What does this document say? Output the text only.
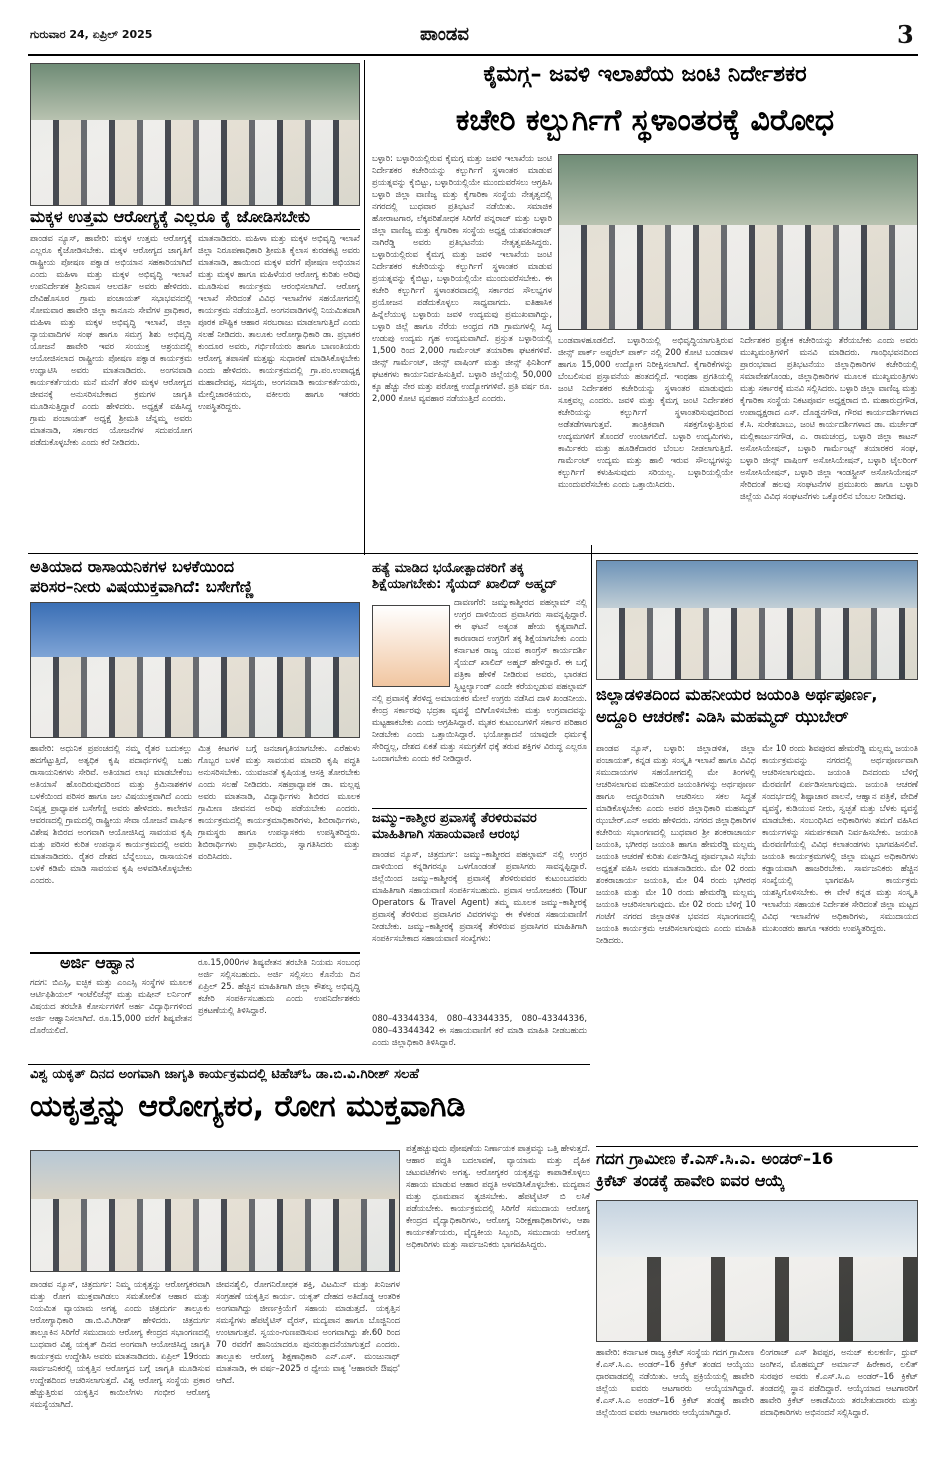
ಗುರುವಾರ 24, ಏಪ್ರಿಲ್ 2025	ಪಾಂಡವ	3
ಮಕ್ಕಳ ಉತ್ತಮ ಆರೋಗ್ಯಕ್ಕೆ ಎಲ್ಲರೂ ಕೈ ಜೋಡಿಸಬೇಕು
ಪಾಂಡವ ನ್ಯೂಸ್, ಹಾವೇರಿ: ಮಕ್ಕಳ ಉತ್ತಮ ಆರೋಗ್ಯಕ್ಕೆ ಎಲ್ಲರೂ ಕೈಜೋಡಿಸಬೇಕು. ಮಕ್ಕಳ ಆರೋಗ್ಯದ ಜಾಗೃತಿಗೆ ರಾಷ್ಟ್ರೀಯ ಪೋಷಣ ಪಕ್ವಾಡ ಅಭಿಯಾನ ಸಹಕಾರಿಯಾಗಿದೆ ಎಂದು ಮಹಿಳಾ ಮತ್ತು ಮಕ್ಕಳ ಅಭಿವೃದ್ಧಿ ಇಲಾಖೆ ಉಪನಿರ್ದೇಶಕ ಶ್ರೀನಿವಾಸ ಆಲದರ್ತಿ ಅವರು ಹೇಳಿದರು. ದೇವಿಹೊಸೂರ ಗ್ರಾಮ ಪಂಚಾಯತ್ ಸಭಾಭವನದಲ್ಲಿ ಸೋಮವಾರ ಹಾವೇರಿ ಜಿಲ್ಲಾ ಕಾನೂನು ಸೇವೆಗಳ ಪ್ರಾಧಿಕಾರ, ಮಹಿಳಾ ಮತ್ತು ಮಕ್ಕಳ ಅಭಿವೃದ್ಧಿ ಇಲಾಖೆ, ಜಿಲ್ಲಾ ನ್ಯಾಯವಾದಿಗಳ ಸಂಘ ಹಾಗೂ ಸಮಗ್ರ ಶಿಶು ಅಭಿವೃದ್ಧಿ ಯೋಜನೆ ಹಾವೇರಿ ಇವರ ಸಂಯುಕ್ತ ಆಶ್ರಯದಲ್ಲಿ ಆಯೋಜಿಸಲಾದ ರಾಷ್ಟ್ರೀಯ ಪೋಷಣ ಪಕ್ವಾಡ ಕಾರ್ಯಕ್ರಮ ಉದ್ಘಾಟಿಸಿ ಅವರು ಮಾತನಾಡಿದರು. ಅಂಗನವಾಡಿ ಕಾರ್ಯಕರ್ತೆಯರು ಮನೆ ಮನೆಗೆ ತೆರಳಿ ಮಕ್ಕಳ ಆರೋಗ್ಯದ ಜೀವನಕ್ಕೆ ಅನುಸರಿಸಬೇಕಾದ ಕ್ರಮಗಳ ಜಾಗೃತಿ ಮೂಡಿಸುತ್ತಿದ್ದಾರೆ ಎಂದು ಹೇಳಿದರು. ಅಧ್ಯಕ್ಷತೆ ವಹಿಸಿದ್ದ ಗ್ರಾಮ ಪಂಚಾಯತ್ ಅಧ್ಯಕ್ಷೆ ಶ್ರೀಮತಿ ಚೆನ್ನಮ್ಮ ಅವರು ಮಾತನಾಡಿ, ಸರ್ಕಾರದ ಯೋಜನೆಗಳ ಸದುಪಯೋಗ ಪಡೆದುಕೊಳ್ಳಬೇಕು ಎಂದು ಕರೆ ನೀಡಿದರು.
ಮಾತನಾಡಿದರು. ಮಹಿಳಾ ಮತ್ತು ಮಕ್ಕಳ ಅಭಿವೃದ್ಧಿ ಇಲಾಖೆ ಜಿಲ್ಲಾ ನಿರೂಪಣಾಧಿಕಾರಿ ಶ್ರೀಮತಿ ಕೈಲಾಸ ಕುರಡಕಟ್ಟಿ ಅವರು ಮಾತನಾಡಿ, ಹಾಯಿಂದ ಮಕ್ಕಳ ವರೆಗೆ ಪೋಷಣ ಅಭಿಯಾನ ಮತ್ತು ಮಕ್ಕಳ ಹಾಗೂ ಮಹಿಳೆಯರ ಆರೋಗ್ಯ ಕುರಿತು ಅರಿವು ಮೂಡಿಸುವ ಕಾರ್ಯಕ್ರಮ ಆರಂಭಿಸಲಾಗಿದೆ. ಆರೋಗ್ಯ ಇಲಾಖೆ ಸೇರಿದಂತೆ ವಿವಿಧ ಇಲಾಖೆಗಳ ಸಹಯೋಗದಲ್ಲಿ ಕಾರ್ಯಕ್ರಮ ನಡೆಯುತ್ತಿದೆ. ಅಂಗನವಾಡಿಗಳಲ್ಲಿ ನಿಯಮಿತವಾಗಿ ಪೂರಕ ಪೌಷ್ಟಿಕ ಆಹಾರ ಸರಬರಾಜು ಮಾಡಲಾಗುತ್ತಿದೆ ಎಂದು ಸಲಹೆ ನೀಡಿದರು. ತಾಲೂಕು ಆರೋಗ್ಯಾಧಿಕಾರಿ ಡಾ. ಪ್ರಭಾಕರ ಕುಂದೂರ ಅವರು, ಗರ್ಭಿಣಿಯರು ಹಾಗೂ ಬಾಣಂತಿಯರು ಆರೋಗ್ಯ ತಪಾಸಣೆ ಮತ್ತಷ್ಟು ಸುಧಾರಣೆ ಮಾಡಿಸಿಕೊಳ್ಳಬೇಕು ಎಂದು ಹೇಳಿದರು. ಕಾರ್ಯಕ್ರಮದಲ್ಲಿ ಗ್ರಾ.ಪಂ.ಉಪಾಧ್ಯಕ್ಷ ಮಹಾದೇವಪ್ಪ, ಸದಸ್ಯರು, ಅಂಗನವಾಡಿ ಕಾರ್ಯಕರ್ತೆಯರು, ಮೇಲ್ವಿಚಾರಕಿಯರು, ವಕೀಲರು ಹಾಗೂ ಇತರರು ಉಪಸ್ಥಿತರಿದ್ದರು.
ಕೈಮಗ್ಗ– ಜವಳಿ ಇಲಾಖೆಯ ಜಂಟಿ ನಿರ್ದೇಶಕರ
ಕಚೇರಿ ಕಲ್ಬುರ್ಗಿಗೆ ಸ್ಥಳಾಂತರಕ್ಕೆ ವಿರೋಧ
ಬಳ್ಳಾರಿ: ಬಳ್ಳಾರಿಯಲ್ಲಿರುವ ಕೈಮಗ್ಗ ಮತ್ತು ಜವಳಿ ಇಲಾಖೆಯ ಜಂಟಿ ನಿರ್ದೇಶಕರ ಕಚೇರಿಯನ್ನು ಕಲ್ಬುರ್ಗಿಗೆ ಸ್ಥಳಾಂತರ ಮಾಡುವ ಪ್ರಯತ್ನವನ್ನು ಕೈಬಿಟ್ಟು, ಬಳ್ಳಾರಿಯಲ್ಲಿಯೇ ಮುಂದುವರೆಸಲು ಆಗ್ರಹಿಸಿ ಬಳ್ಳಾರಿ ಜಿಲ್ಲಾ ವಾಣಿಜ್ಯ ಮತ್ತು ಕೈಗಾರಿಕಾ ಸಂಸ್ಥೆಯ ನೇತೃತ್ವದಲ್ಲಿ ನಗರದಲ್ಲಿ ಬುಧವಾರ ಪ್ರತಿಭಟನೆ ನಡೆಯಿತು. ಸಮಾಜಿಕ ಹೋರಾಟಗಾರ, ಲೆಕ್ಕಪರಿಶೋಧಕ ಸಿರಿಗೆರೆ ಪನ್ನರಾಜ್ ಮತ್ತು ಬಳ್ಳಾರಿ ಜಿಲ್ಲಾ ವಾಣಿಜ್ಯ ಮತ್ತು ಕೈಗಾರಿಕಾ ಸಂಸ್ಥೆಯ ಅಧ್ಯಕ್ಷ ಯಶವಂತರಾಜ್ ನಾಗಿರೆಡ್ಡಿ ಅವರು ಪ್ರತಿಭಟನೆಯ ನೇತೃತ್ವವಹಿಸಿದ್ದರು. ಬಳ್ಳಾರಿಯಲ್ಲಿರುವ ಕೈಮಗ್ಗ ಮತ್ತು ಜವಳಿ ಇಲಾಖೆಯ ಜಂಟಿ ನಿರ್ದೇಶಕರ ಕಚೇರಿಯನ್ನು ಕಲ್ಬುರ್ಗಿಗೆ ಸ್ಥಳಾಂತರ ಮಾಡುವ ಪ್ರಯತ್ನವನ್ನು ಕೈಬಿಟ್ಟು, ಬಳ್ಳಾರಿಯಲ್ಲಿಯೇ ಮುಂದುವರೆಸಬೇಕು. ಈ ಕಚೇರಿ ಕಲ್ಬುರ್ಗಿಗೆ ಸ್ಥಳಾಂತರವಾದಲ್ಲಿ ಸರ್ಕಾರದ ಸೌಲಭ್ಯಗಳ ಪ್ರಯೋಜನ ಪಡೆದುಕೊಳ್ಳಲು ಸಾಧ್ಯವಾಗದು. ಐತಿಹಾಸಿಕ ಹಿನ್ನೆಲೆಯುಳ್ಳ ಬಳ್ಳಾರಿಯ ಜವಳಿ ಉದ್ಯಮವು ಪ್ರಮುಖವಾಗಿದ್ದು, ಬಳ್ಳಾರಿ ಜಿಲ್ಲೆ ಹಾಗೂ ನೆರೆಯ ಅಂಧ್ರದ ಗಡಿ ಗ್ರಾಮಗಳಲ್ಲಿ ಸಿದ್ಧ ಉಡುಪು ಉದ್ಯಮ ಗೃಹ ಉದ್ಯಮವಾಗಿದೆ. ಪ್ರಸ್ತುತ ಬಳ್ಳಾರಿಯಲ್ಲಿ 1,500 ರಿಂದ 2,000 ಗಾರ್ಮೆಂಟ್ ತಯಾರಿಕಾ ಘಟಕಗಳಿವೆ. ಜೀನ್ಸ್ ಗಾರ್ಮೆಂಟ್, ಜೀನ್ಸ್ ವಾಷಿಂಗ್ ಮತ್ತು ಜೀನ್ಸ್ ಫಿನಿಶಿಂಗ್ ಘಟಕಗಳು ಕಾರ್ಯನಿರ್ವಹಿಸುತ್ತಿವೆ. ಬಳ್ಳಾರಿ ಜಿಲ್ಲೆಯಲ್ಲಿ 50,000 ಕ್ಕೂ ಹೆಚ್ಚು ನೇರ ಮತ್ತು ಪರೋಕ್ಷ ಉದ್ಯೋಗಗಳಿವೆ. ಪ್ರತಿ ವರ್ಷ ರೂ. 2,000 ಕೋಟಿ ವ್ಯವಹಾರ ನಡೆಯುತ್ತಿದೆ ಎಂದರು.
ಬಂಡವಾಳಹೂಡಲಿದೆ. ಬಳ್ಳಾರಿಯಲ್ಲಿ ಅಭಿವೃದ್ಧಿಯಾಗುತ್ತಿರುವ ಜೀನ್ಸ್ ಪಾರ್ಕ್ ಅಪ್ಪರೆಲ್ ಪಾರ್ಕ್ ನಲ್ಲಿ 200 ಕೋಟಿ ಬಂಡವಾಳ ಹಾಗೂ 15,000 ಉದ್ಯೋಗ ನಿರೀಕ್ಷಿಸಲಾಗಿದೆ. ಕೈಗಾರಿಕೆಗಳನ್ನು ಬೆಂಬಲಿಸುವ ಪ್ರಸ್ತಾವನೆಯ ಹಂತದಲ್ಲಿದೆ. ಇಂಥಹಾ ಪ್ರಗತಿಯಲ್ಲಿ ಜಂಟಿ ನಿರ್ದೇಶಕರ ಕಚೇರಿಯನ್ನು ಸ್ಥಳಾಂತರ ಮಾಡುವುದು ಸೂಕ್ತವಲ್ಲ ಎಂದರು. ಜವಳಿ ಮತ್ತು ಕೈಮಗ್ಗ ಜಂಟಿ ನಿರ್ದೇಶಕರ ಕಚೇರಿಯನ್ನು ಕಲ್ಬುರ್ಗಿಗೆ ಸ್ಥಳಾಂತರಿಸುವುದರಿಂದ ಅಡೆತಡೆಗಳಾಗುತ್ತವೆ. ತಾಂತ್ರಿಕವಾಗಿ ಸಶಕ್ತಗೊಳ್ಳುತ್ತಿರುವ ಉದ್ಯಮಗಳಿಗೆ ತೊಂದರೆ ಉಂಟಾಗಲಿದೆ. ಬಳ್ಳಾರಿ ಉದ್ಯಮಿಗಳು, ಕಾರ್ಮಿಕರು ಮತ್ತು ಹೂಡಿಕೆದಾರರ ಬೆಂಬಲ ನೀಡಲಾಗುತ್ತಿದೆ. ಗಾರ್ಮೆಂಟ್ ಉದ್ಯಮ ಮತ್ತು ಹಾಲಿ ಇರುವ ಸೌಲಭ್ಯಗಳನ್ನು ಕಲ್ಬುರ್ಗಿಗೆ ಕಳುಹಿಸುವುದು ಸರಿಯಲ್ಲ. ಬಳ್ಳಾರಿಯಲ್ಲಿಯೇ ಮುಂದುವರೆಸಬೇಕು ಎಂದು ಒತ್ತಾಯಿಸಿದರು.
ನಿರ್ದೇಶಕರ ಪ್ರತ್ಯೇಕ ಕಚೇರಿಯನ್ನು ತೆರೆಯಬೇಕು ಎಂದು ಅವರು ಮುಖ್ಯಮಂತ್ರಿಗಳಿಗೆ ಮನವಿ ಮಾಡಿದರು. ಗಾಂಧಿಭವನದಿಂದ ಪ್ರಾರಂಭವಾದ ಪ್ರತಿಭಟನೆಯು ಜಿಲ್ಲಾಧಿಕಾರಿಗಳ ಕಚೇರಿಯಲ್ಲಿ ಸಮಾವೇಶಗೊಂಡು, ಜಿಲ್ಲಾಧಿಕಾರಿಗಳ ಮೂಲಕ ಮುಖ್ಯಮಂತ್ರಿಗಳು ಮತ್ತು ಸರ್ಕಾರಕ್ಕೆ ಮನವಿ ಸಲ್ಲಿಸಿದರು. ಬಳ್ಳಾರಿ ಜಿಲ್ಲಾ ವಾಣಿಜ್ಯ ಮತ್ತು ಕೈಗಾರಿಕಾ ಸಂಸ್ಥೆಯ ನಿಕಟಪೂರ್ವ ಅಧ್ಯಕ್ಷರಾದ ಬಿ. ಮಹಾರುದ್ರಗೌಡ, ಉಪಾಧ್ಯಕ್ಷರಾದ ಎಸ್. ದೊಡ್ಡನಗೌಡ, ಗೌರವ ಕಾರ್ಯದರ್ಶಿಗಳಾದ ಕೆ.ಸಿ. ಸುರೇಶಬಾಬು, ಜಂಟಿ ಕಾರ್ಯದರ್ಶಿಗಳಾದ ಡಾ. ಮರ್ಚೇಡ್ ಮಲ್ಲಿಕಾರ್ಜುನಗೌಡ, ಎ. ರಾಮಚಂದ್ರ, ಬಳ್ಳಾರಿ ಜಿಲ್ಲಾ ಕಾಟನ್ ಅಸೋಸಿಯೇಷನ್, ಬಳ್ಳಾರಿ ಗಾರ್ಮೆಂಟ್ಸ್ ತಯಾರಕರ ಸಂಘ, ಬಳ್ಳಾರಿ ಜೀನ್ಸ್ ವಾಷಿಂಗ್ ಅಸೋಸಿಯೇಷನ್, ಬಳ್ಳಾರಿ ಟೈಲರಿಂಗ್ ಅಸೋಸಿಯೇಷನ್, ಬಳ್ಳಾರಿ ಜಿಲ್ಲಾ ಇಂಡಸ್ಟ್ರೀಸ್ ಅಸೋಸಿಯೇಷನ್ ಸೇರಿದಂತೆ ಹಲವು ಸಂಘಟನೆಗಳ ಪ್ರಮುಖರು ಹಾಗೂ ಬಳ್ಳಾರಿ ಜಿಲ್ಲೆಯ ವಿವಿಧ ಸಂಘಟನೆಗಳು ಒಕ್ಕೊರಲಿನ ಬೆಂಬಲ ನೀಡಿದವು.
ಅತಿಯಾದ ರಾಸಾಯನಿಕಗಳ ಬಳಕೆಯಿಂದ
ಪರಿಸರ–ನೀರು ವಿಷಯುಕ್ತವಾಗಿದೆ: ಬಸೇಗೆಣ್ಣಿ
ಹಾವೇರಿ: ಅಧುನಿಕ ಪ್ರಪಂಚದಲ್ಲಿ ನಮ್ಮ ರೈತರ ಬದುಕಲ್ಲು ಹದಗೆಟ್ಟುತ್ತಿದೆ, ಅತ್ಯಧಿಕ ಕೃಷಿ ಪದಾರ್ಥಗಳಲ್ಲಿ ಬಹು ರಾಸಾಯನಿಕಗಳು ಸೇರಿವೆ. ಅತಿಯಾದ ಲಾಭ ಮಾಡಬೇಕೆಂಬ ಅತಿಯಾಸೆ ಹೊಂದಿರುವುದರಿಂದ ಮತ್ತು ಕ್ರಿಮಿನಾಶಕಗಳ ಬಳಕೆಯಿಂದ ಪರಿಸರ ಹಾಗೂ ಜಲ ವಿಷಯುಕ್ತವಾಗಿದೆ ಎಂದು ನಿವೃತ್ತ ಪ್ರಾಧ್ಯಾಪಕ ಬಸೇಗೆಣ್ಣಿ ಅವರು ಹೇಳಿದರು. ಕಾಲೇಜಿನ ಆವರಣದಲ್ಲಿ ಗ್ರಾಮದಲ್ಲಿ ರಾಷ್ಟ್ರೀಯ ಸೇವಾ ಯೋಜನೆ ವಾರ್ಷಿಕ ವಿಶೇಷ ಶಿಬಿರದ ಅಂಗವಾಗಿ ಆಯೋಜಿಸಿದ್ದ ಸಾವಯವ ಕೃಷಿ ಮತ್ತು ಪರಿಸರ ಕುರಿತ ಉಪನ್ಯಾಸ ಕಾರ್ಯಕ್ರಮದಲ್ಲಿ ಅವರು ಮಾತನಾಡಿದರು. ರೈತರ ದೇಶದ ಬೆನ್ನೆಲುಬು, ರಾಸಾಯನಿಕ ಬಳಕೆ ಕಡಿಮೆ ಮಾಡಿ ಸಾವಯವ ಕೃಷಿ ಅಳವಡಿಸಿಕೊಳ್ಳಬೇಕು ಎಂದರು.
ಮಿತ್ರ ಕೀಟಗಳ ಬಗ್ಗೆ ಜನಜಾಗೃತಿಯಾಗಬೇಕು. ಎರೆಹುಳು ಗೊಬ್ಬರ ಬಳಕೆ ಮತ್ತು ಸಾವಯವ ಮಾದರಿ ಕೃಷಿ ಪದ್ಧತಿ ಅನುಸರಿಸಬೇಕು. ಯುವಜನತೆ ಕೃಷಿಯತ್ತ ಆಸಕ್ತಿ ತೋರಬೇಕು ಎಂದು ಸಲಹೆ ನೀಡಿದರು. ಸಹಪ್ರಾಧ್ಯಾಪಕ ಡಾ. ಮಲ್ಲಪ್ಪ ಅವರು ಮಾತನಾಡಿ, ವಿದ್ಯಾರ್ಥಿಗಳು ಶಿಬಿರದ ಮೂಲಕ ಗ್ರಾಮೀಣ ಜೀವನದ ಅರಿವು ಪಡೆಯಬೇಕು ಎಂದರು. ಕಾರ್ಯಕ್ರಮದಲ್ಲಿ ಕಾರ್ಯಕ್ರಮಾಧಿಕಾರಿಗಳು, ಶಿಬಿರಾರ್ಥಿಗಳು, ಗ್ರಾಮಸ್ಥರು ಹಾಗೂ ಉಪನ್ಯಾಸಕರು ಉಪಸ್ಥಿತರಿದ್ದರು. ಶಿಬಿರಾರ್ಥಿಗಳು ಪ್ರಾರ್ಥಿಸಿದರು, ಸ್ವಾಗತಿಸಿದರು ಮತ್ತು ವಂದಿಸಿದರು.
ಅರ್ಜಿ ಆಹ್ವಾನ
ಗದಗ: ಬಿಎಸ್ಸಿ, ಐಚ್ಛಿಕ ಮತ್ತು ಎಂಎಸ್ಸಿ ಸಂಸ್ಥೆಗಳ ಮೂಲಕ ಆರ್ಟಿಫಿಶಿಯಲ್ ಇಂಟೆಲಿಜೆನ್ಸ್ ಮತ್ತು ಮಷೀನ್ ಲರ್ನಿಂಗ್ ವಿಷಯದ ತರಬೇತಿ ಕೋರ್ಸುಗಳಿಗೆ ಅರ್ಹ ವಿದ್ಯಾರ್ಥಿಗಳಿಂದ ಅರ್ಜಿ ಆಹ್ವಾನಿಸಲಾಗಿದೆ. ರೂ.15,000 ವರೆಗೆ ಶಿಷ್ಯವೇತನ ದೊರೆಯಲಿದೆ.
ರೂ.15,000ಗಳ ಶಿಷ್ಯವೇತನ ತರಬೇತಿ ನಿಯಮ ಸಂಬಂಧ ಅರ್ಜಿ ಸಲ್ಲಿಸಬಹುದು. ಅರ್ಜಿ ಸಲ್ಲಿಸಲು ಕೊನೆಯ ದಿನ ಏಪ್ರಿಲ್ 25. ಹೆಚ್ಚಿನ ಮಾಹಿತಿಗಾಗಿ ಜಿಲ್ಲಾ ಕೌಶಲ್ಯ ಅಭಿವೃದ್ಧಿ ಕಚೇರಿ ಸಂಪರ್ಕಿಸಬಹುದು ಎಂದು ಉಪನಿರ್ದೇಶಕರು ಪ್ರಕಟಣೆಯಲ್ಲಿ ತಿಳಿಸಿದ್ದಾರೆ.
ಹತ್ಯೆ ಮಾಡಿದ ಭಯೋತ್ಪಾದಕರಿಗೆ ತಕ್ಕ
ಶಿಕ್ಷೆಯಾಗಬೇಕು: ಸೈಯದ್ ಖಾಲಿದ್ ಅಹ್ಮದ್
ದಾವಣಗೆರೆ: ಜಮ್ಮುಕಾಶ್ಮೀರದ ಪಹಲ್ಗಾಮ್ ನಲ್ಲಿ ಉಗ್ರರ ದಾಳಿಯಿಂದ ಪ್ರವಾಸಿಗರು ಸಾವನ್ನಪ್ಪಿದ್ದಾರೆ. ಈ ಘಟನೆ ಅತ್ಯಂತ ಹೇಯ ಕೃತ್ಯವಾಗಿದೆ. ಕಾರಣರಾದ ಉಗ್ರರಿಗೆ ತಕ್ಕ ಶಿಕ್ಷೆಯಾಗಬೇಕು ಎಂದು ಕರ್ನಾಟಕ ರಾಜ್ಯ ಯುವ ಕಾಂಗ್ರೆಸ್ ಕಾರ್ಯದರ್ಶಿ ಸೈಯದ್ ಖಾಲಿದ್ ಅಹ್ಮದ್ ಹೇಳಿದ್ದಾರೆ. ಈ ಬಗ್ಗೆ ಪತ್ರಿಕಾ ಹೇಳಿಕೆ ನೀಡಿರುವ ಅವರು, ಭಾರತದ ಸ್ವಿಟ್ಜರ್ಲ್ಯಾಂಡ್ ಎಂದೇ ಕರೆಯಲ್ಪಡುವ ಪಹಲ್ಗಾಮ್ ನಲ್ಲಿ ಪ್ರವಾಸಕ್ಕೆ ತೆರಳಿದ್ದ ಅಮಾಯಕರ ಮೇಲೆ ಉಗ್ರರು ನಡೆಸಿದ ದಾಳಿ ಖಂಡನೀಯ. ಕೇಂದ್ರ ಸರ್ಕಾರವು ಭದ್ರತಾ ವ್ಯವಸ್ಥೆ ಬಿಗಿಗೊಳಿಸಬೇಕು ಮತ್ತು ಉಗ್ರವಾದವನ್ನು ಮಟ್ಟಹಾಕಬೇಕು ಎಂದು ಆಗ್ರಹಿಸಿದ್ದಾರೆ. ಮೃತರ ಕುಟುಂಬಗಳಿಗೆ ಸರ್ಕಾರ ಪರಿಹಾರ ನೀಡಬೇಕು ಎಂದು ಒತ್ತಾಯಿಸಿದ್ದಾರೆ. ಭಯೋತ್ಪಾದನೆ ಯಾವುದೇ ಧರ್ಮಕ್ಕೆ ಸೇರಿದ್ದಲ್ಲ, ದೇಶದ ಏಕತೆ ಮತ್ತು ಸಮಗ್ರತೆಗೆ ಧಕ್ಕೆ ತರುವ ಶಕ್ತಿಗಳ ವಿರುದ್ಧ ಎಲ್ಲರೂ ಒಂದಾಗಬೇಕು ಎಂದು ಕರೆ ನೀಡಿದ್ದಾರೆ.
ಜಮ್ಮು–ಕಾಶ್ಮೀರ ಪ್ರವಾಸಕ್ಕೆ ತೆರಳಿರುವವರ
ಮಾಹಿತಿಗಾಗಿ ಸಹಾಯವಾಣಿ ಆರಂಭ
ಪಾಂಡವ ನ್ಯೂಸ್, ಚಿತ್ರದುರ್ಗ: ಜಮ್ಮು–ಕಾಶ್ಮೀರದ ಪಹಲ್ಗಾಮ್ ನಲ್ಲಿ ಉಗ್ರರ ದಾಳಿಯಿಂದ ಕನ್ನಡಿಗರನ್ನೂ ಒಳಗೊಂಡಂತೆ ಪ್ರವಾಸಿಗರು ಸಾವನ್ನಪ್ಪಿದ್ದಾರೆ. ಜಿಲ್ಲೆಯಿಂದ ಜಮ್ಮು–ಕಾಶ್ಮೀರಕ್ಕೆ ಪ್ರವಾಸಕ್ಕೆ ತೆರಳಿರುವವರ ಕುಟುಂಬದವರು ಮಾಹಿತಿಗಾಗಿ ಸಹಾಯವಾಣಿ ಸಂಪರ್ಕಿಸಬಹುದು. ಪ್ರವಾಸ ಆಯೋಜಕರು (Tour Operators & Travel Agent) ತಮ್ಮ ಮೂಲಕ ಜಮ್ಮು–ಕಾಶ್ಮೀರಕ್ಕೆ ಪ್ರವಾಸಕ್ಕೆ ತೆರಳಿರುವ ಪ್ರವಾಸಿಗರ ವಿವರಗಳನ್ನು ಈ ಕೆಳಕಂಡ ಸಹಾಯವಾಣಿಗೆ ನೀಡಬೇಕು. ಜಮ್ಮು–ಕಾಶ್ಮೀರಕ್ಕೆ ಪ್ರವಾಸಕ್ಕೆ ತೆರಳಿರುವ ಪ್ರವಾಸಿಗರ ಮಾಹಿತಿಗಾಗಿ ಸಂಪರ್ಕಿಸಬೇಕಾದ ಸಹಾಯವಾಣಿ ಸಂಖ್ಯೆಗಳು:
080–43344334, 080–43344335, 080–43344336, 080–43344342 ಈ ಸಹಾಯವಾಣಿಗೆ ಕರೆ ಮಾಡಿ ಮಾಹಿತಿ ನೀಡಬಹುದು ಎಂದು ಜಿಲ್ಲಾಧಿಕಾರಿ ತಿಳಿಸಿದ್ದಾರೆ.
ಜಿಲ್ಲಾಡಳಿತದಿಂದ ಮಹನೀಯರ ಜಯಂತಿ ಅರ್ಥಪೂರ್ಣ,
ಅದ್ದೂರಿ ಆಚರಣೆ: ಎಡಿಸಿ ಮಹಮ್ಮದ್ ಝುಬೇರ್
ಪಾಂಡವ ನ್ಯೂಸ್, ಬಳ್ಳಾರಿ: ಜಿಲ್ಲಾಡಳಿತ, ಜಿಲ್ಲಾ ಪಂಚಾಯತ್, ಕನ್ನಡ ಮತ್ತು ಸಂಸ್ಕೃತಿ ಇಲಾಖೆ ಹಾಗೂ ವಿವಿಧ ಸಮುದಾಯಗಳ ಸಹಯೋಗದಲ್ಲಿ ಮೇ ತಿಂಗಳಲ್ಲಿ ಆಚರಿಸಲಾಗುವ ಮಹನೀಯರ ಜಯಂತಿಗಳನ್ನು ಅರ್ಥಪೂರ್ಣ ಹಾಗೂ ಅದ್ದೂರಿಯಾಗಿ ಆಚರಿಸಲು ಸಕಲ ಸಿದ್ಧತೆ ಮಾಡಿಕೊಳ್ಳಬೇಕು ಎಂದು ಅಪರ ಜಿಲ್ಲಾಧಿಕಾರಿ ಮಹಮ್ಮದ್ ಝುಬೇರ್.ಎನ್ ಅವರು ಹೇಳಿದರು. ನಗರದ ಜಿಲ್ಲಾಧಿಕಾರಿಗಳ ಕಚೇರಿಯ ಸಭಾಂಗಣದಲ್ಲಿ ಬುಧವಾರ ಶ್ರೀ ಶಂಕರಾಚಾರ್ಯ ಜಯಂತಿ, ಭಗೀರಥ ಜಯಂತಿ ಹಾಗೂ ಹೇಮರೆಡ್ಡಿ ಮಲ್ಲಮ್ಮ ಜಯಂತಿ ಆಚರಣೆ ಕುರಿತು ಏರ್ಪಡಿಸಿದ್ದ ಪೂರ್ವಭಾವಿ ಸಭೆಯ ಅಧ್ಯಕ್ಷತೆ ವಹಿಸಿ ಅವರು ಮಾತನಾಡಿದರು. ಮೇ 02 ರಂದು ಶಂಕರಾಚಾರ್ಯ ಜಯಂತಿ, ಮೇ 04 ರಂದು ಭಗೀರಥ ಜಯಂತಿ ಮತ್ತು ಮೇ 10 ರಂದು ಹೇಮರೆಡ್ಡಿ ಮಲ್ಲಮ್ಮ ಜಯಂತಿ ಆಚರಿಸಲಾಗುವುದು. ಮೇ 02 ರಂದು ಬೆಳಿಗ್ಗೆ 10 ಗಂಟೆಗೆ ನಗರದ ಜಿಲ್ಲಾಡಳಿತ ಭವನದ ಸಭಾಂಗಣದಲ್ಲಿ ಜಯಂತಿ ಕಾರ್ಯಕ್ರಮ ಆಚರಿಸಲಾಗುವುದು ಎಂದು ಮಾಹಿತಿ ನೀಡಿದರು.
ಮೇ 10 ರಂದು ಶಿವಪುರದ ಹೇಮರೆಡ್ಡಿ ಮಲ್ಲಮ್ಮ ಜಯಂತಿ ಕಾರ್ಯಕ್ರಮವನ್ನು ನಗರದಲ್ಲಿ ಅರ್ಥಪೂರ್ಣವಾಗಿ ಆಚರಿಸಲಾಗುವುದು. ಜಯಂತಿ ದಿನದಂದು ಬೆಳಿಗ್ಗೆ ಮೆರವಣಿಗೆ ಏರ್ಪಡಿಸಲಾಗುವುದು. ಜಯಂತಿ ಆಚರಣೆ ಸಂದರ್ಭದಲ್ಲಿ ಶಿಷ್ಟಾಚಾರ ಪಾಲನೆ, ಆಹ್ವಾನ ಪತ್ರಿಕೆ, ವೇದಿಕೆ ವ್ಯವಸ್ಥೆ, ಕುಡಿಯುವ ನೀರು, ಸ್ವಚ್ಛತೆ ಮತ್ತು ಬೆಳಕು ವ್ಯವಸ್ಥೆ ಮಾಡಬೇಕು. ಸಂಬಂಧಿಸಿದ ಅಧಿಕಾರಿಗಳು ತಮಗೆ ವಹಿಸಿದ ಕಾರ್ಯಗಳನ್ನು ಸಮರ್ಪಕವಾಗಿ ನಿರ್ವಹಿಸಬೇಕು. ಜಯಂತಿ ಮೆರವಣಿಗೆಯಲ್ಲಿ ವಿವಿಧ ಕಲಾತಂಡಗಳು ಭಾಗವಹಿಸಲಿವೆ. ಜಯಂತಿ ಕಾರ್ಯಕ್ರಮಗಳಲ್ಲಿ ಜಿಲ್ಲಾ ಮಟ್ಟದ ಅಧಿಕಾರಿಗಳು ಕಡ್ಡಾಯವಾಗಿ ಹಾಜರಿರಬೇಕು. ಸಾರ್ವಜನಿಕರು ಹೆಚ್ಚಿನ ಸಂಖ್ಯೆಯಲ್ಲಿ ಭಾಗವಹಿಸಿ ಕಾರ್ಯಕ್ರಮ ಯಶಸ್ವಿಗೊಳಿಸಬೇಕು. ಈ ವೇಳೆ ಕನ್ನಡ ಮತ್ತು ಸಂಸ್ಕೃತಿ ಇಲಾಖೆಯ ಸಹಾಯಕ ನಿರ್ದೇಶಕ ಸೇರಿದಂತೆ ಜಿಲ್ಲಾ ಮಟ್ಟದ ವಿವಿಧ ಇಲಾಖೆಗಳ ಅಧಿಕಾರಿಗಳು, ಸಮುದಾಯದ ಮುಖಂಡರು ಹಾಗೂ ಇತರರು ಉಪಸ್ಥಿತರಿದ್ದರು.
ವಿಶ್ವ ಯಕೃತ್ ದಿನದ ಅಂಗವಾಗಿ ಜಾಗೃತಿ ಕಾರ್ಯಕ್ರಮದಲ್ಲಿ ಟಿಹೆಚ್‌ಓ ಡಾ.ಬಿ.ವಿ.ಗಿರೀಶ್ ಸಲಹೆ
ಯಕೃತ್ತನ್ನು ಆರೋಗ್ಯಕರ, ರೋಗ ಮುಕ್ತವಾಗಿಡಿ
ಪಾಂಡವ ನ್ಯೂಸ್, ಚಿತ್ರದುರ್ಗ: ನಿಮ್ಮ ಯಕೃತ್ತನ್ನು ಆರೋಗ್ಯಕರವಾಗಿ ಮತ್ತು ರೋಗ ಮುಕ್ತವಾಗಿಡಲು ಸಮತೋಲಿತ ಆಹಾರ ಮತ್ತು ನಿಯಮಿತ ವ್ಯಾಯಾಮ ಅಗತ್ಯ ಎಂದು ಚಿತ್ರದುರ್ಗ ತಾಲ್ಲೂಕು ಆರೋಗ್ಯಾಧಿಕಾರಿ ಡಾ.ಬಿ.ವಿ.ಗಿರೀಶ್ ಹೇಳಿದರು. ಚಿತ್ರದುರ್ಗ ತಾಲ್ಲೂಕಿನ ಸಿರಿಗೆರೆ ಸಮುದಾಯ ಆರೋಗ್ಯ ಕೇಂದ್ರದ ಸಭಾಂಗಣದಲ್ಲಿ ಬುಧವಾರ ವಿಶ್ವ ಯಕೃತ್ ದಿನದ ಅಂಗವಾಗಿ ಆಯೋಜಿಸಿದ್ದ ಜಾಗೃತಿ ಕಾರ್ಯಕ್ರಮ ಉದ್ದೇಶಿಸಿ ಅವರು ಮಾತನಾಡಿದರು. ಏಪ್ರಿಲ್ 19ರಂದು ಸಾರ್ವಜನಿಕರಲ್ಲಿ ಯಕೃತ್ತಿನ ಆರೋಗ್ಯದ ಬಗ್ಗೆ ಜಾಗೃತಿ ಮೂಡಿಸುವ ಉದ್ದೇಶದಿಂದ ಆಚರಿಸಲಾಗುತ್ತದೆ. ವಿಶ್ವ ಆರೋಗ್ಯ ಸಂಸ್ಥೆಯ ಪ್ರಕಾರ ಹೆಚ್ಚುತ್ತಿರುವ ಯಕೃತ್ತಿನ ಕಾಯಿಲೆಗಳು ಗಂಭೀರ ಆರೋಗ್ಯ ಸಮಸ್ಯೆಯಾಗಿದೆ.
ಜೀವನಶೈಲಿ, ರೋಗನಿರೋಧಕ ಶಕ್ತಿ, ವಿಟಮಿನ್ ಮತ್ತು ಖನಿಜಗಳ ಸಂಗ್ರಹಣೆ ಯಕೃತ್ತಿನ ಕಾರ್ಯ. ಯಕೃತ್ ದೇಹದ ಅತಿದೊಡ್ಡ ಆಂತರಿಕ ಅಂಗವಾಗಿದ್ದು ಜೀರ್ಣಕ್ರಿಯೆಗೆ ಸಹಾಯ ಮಾಡುತ್ತದೆ. ಯಕೃತ್ತಿನ ಸಮಸ್ಯೆಗಳು ಹೆಪಟೈಟಿಸ್ ವೈರಸ್, ಮದ್ಯಪಾನ ಹಾಗೂ ಬೊಜ್ಜಿನಿಂದ ಉಂಟಾಗುತ್ತವೆ. ಸ್ವಯಂ-ಗುಣಪಡಿಸುವ ಅಂಗವಾಗಿದ್ದು ಶೇ.60 ರಿಂದ 70 ರವರೆಗೆ ಹಾನಿಯಾದರೂ ಪುನರುತ್ಪಾದನೆಯಾಗುತ್ತದೆ ಎಂದರು. ತಾಲ್ಲೂಕು ಆರೋಗ್ಯ ಶಿಕ್ಷಣಾಧಿಕಾರಿ ಎನ್.ಎಸ್. ಮಂಜುನಾಥ್ ಮಾತನಾಡಿ, ಈ ವರ್ಷ–2025 ರ ಧ್ಯೇಯ ವಾಕ್ಯ 'ಆಹಾರವೇ ಔಷಧ' ಆಗಿದೆ.
ಪತ್ತೆಹಚ್ಚುವುದು ಪೋಷಣೆಯ ನಿರ್ಣಾಯಕ ಪಾತ್ರವನ್ನು ಒತ್ತಿ ಹೇಳುತ್ತದೆ. ಆಹಾರ ಪದ್ಧತಿ ಬದಲಾವಣೆ, ವ್ಯಾಯಾಮ ಮತ್ತು ದೈಹಿಕ ಚಟುವಟಿಕೆಗಳು ಅಗತ್ಯ. ಆರೋಗ್ಯಕರ ಯಕೃತ್ತನ್ನು ಕಾಪಾಡಿಕೊಳ್ಳಲು ಸಹಾಯ ಮಾಡುವ ಆಹಾರ ಪದ್ಧತಿ ಅಳವಡಿಸಿಕೊಳ್ಳಬೇಕು. ಮದ್ಯಪಾನ ಮತ್ತು ಧೂಮಪಾನ ತ್ಯಜಿಸಬೇಕು. ಹೆಪಟೈಟಿಸ್ ಬಿ ಲಸಿಕೆ ಪಡೆಯಬೇಕು. ಕಾರ್ಯಕ್ರಮದಲ್ಲಿ ಸಿರಿಗೆರೆ ಸಮುದಾಯ ಆರೋಗ್ಯ ಕೇಂದ್ರದ ವೈದ್ಯಾಧಿಕಾರಿಗಳು, ಆರೋಗ್ಯ ನಿರೀಕ್ಷಣಾಧಿಕಾರಿಗಳು, ಆಶಾ ಕಾರ್ಯಕರ್ತೆಯರು, ವೈದ್ಯಕೀಯ ಸಿಬ್ಬಂದಿ, ಸಮುದಾಯ ಆರೋಗ್ಯ ಅಧಿಕಾರಿಗಳು ಮತ್ತು ಸಾರ್ವಜನಿಕರು ಭಾಗವಹಿಸಿದ್ದರು.
ಗದಗ ಗ್ರಾಮೀಣ ಕೆ.ಎಸ್.ಸಿ.ಎ. ಅಂಡರ್–16
ಕ್ರಿಕೆಟ್ ತಂಡಕ್ಕೆ ಹಾವೇರಿ ಐವರ ಆಯ್ಕೆ
ಹಾವೇರಿ: ಕರ್ನಾಟಕ ರಾಜ್ಯ ಕ್ರಿಕೆಟ್ ಸಂಸ್ಥೆಯ ಗದಗ ಗ್ರಾಮೀಣ ಕೆ.ಎಸ್.ಸಿ.ಎ. ಅಂಡರ್–16 ಕ್ರಿಕೆಟ್ ತಂಡದ ಆಯ್ಕೆಯು ಧಾರವಾಡದಲ್ಲಿ ನಡೆಯಿತು. ಆಯ್ಕೆ ಪ್ರಕ್ರಿಯೆಯಲ್ಲಿ ಹಾವೇರಿ ಜಿಲ್ಲೆಯ ಐವರು ಆಟಗಾರರು ಆಯ್ಕೆಯಾಗಿದ್ದಾರೆ. ಕೆ.ಎಸ್.ಸಿ.ಎ ಅಂಡರ್–16 ಕ್ರಿಕೆಟ್ ತಂಡಕ್ಕೆ ಹಾವೇರಿ ಜಿಲ್ಲೆಯಿಂದ ಐವರು ಆಟಗಾರರು ಆಯ್ಕೆಯಾಗಿದ್ದಾರೆ.
ಲಿಂಗರಾಜ್ ಎಸ್ ಶಿವಪ್ಪರ, ಅನುಜ್ ಕುಲಕರ್ಣಿ, ಧ್ರುವ್ ಜಂಗೀನ, ಮೊಹಮ್ಮದ್ ಅರ್ಮಾನ್ ಹಿರೇಕಾರ, ಲಲಿತ್ ಸುರಪುರ ಅವರು ಕೆ.ಎಸ್.ಸಿ.ಎ ಅಂಡರ್–16 ಕ್ರಿಕೆಟ್ ತಂಡದಲ್ಲಿ ಸ್ಥಾನ ಪಡೆದಿದ್ದಾರೆ. ಆಯ್ಕೆಯಾದ ಆಟಗಾರರಿಗೆ ಹಾವೇರಿ ಕ್ರಿಕೆಟ್ ಅಕಾಡೆಮಿಯ ತರಬೇತುದಾರರು ಮತ್ತು ಪದಾಧಿಕಾರಿಗಳು ಅಭಿನಂದನೆ ಸಲ್ಲಿಸಿದ್ದಾರೆ.
